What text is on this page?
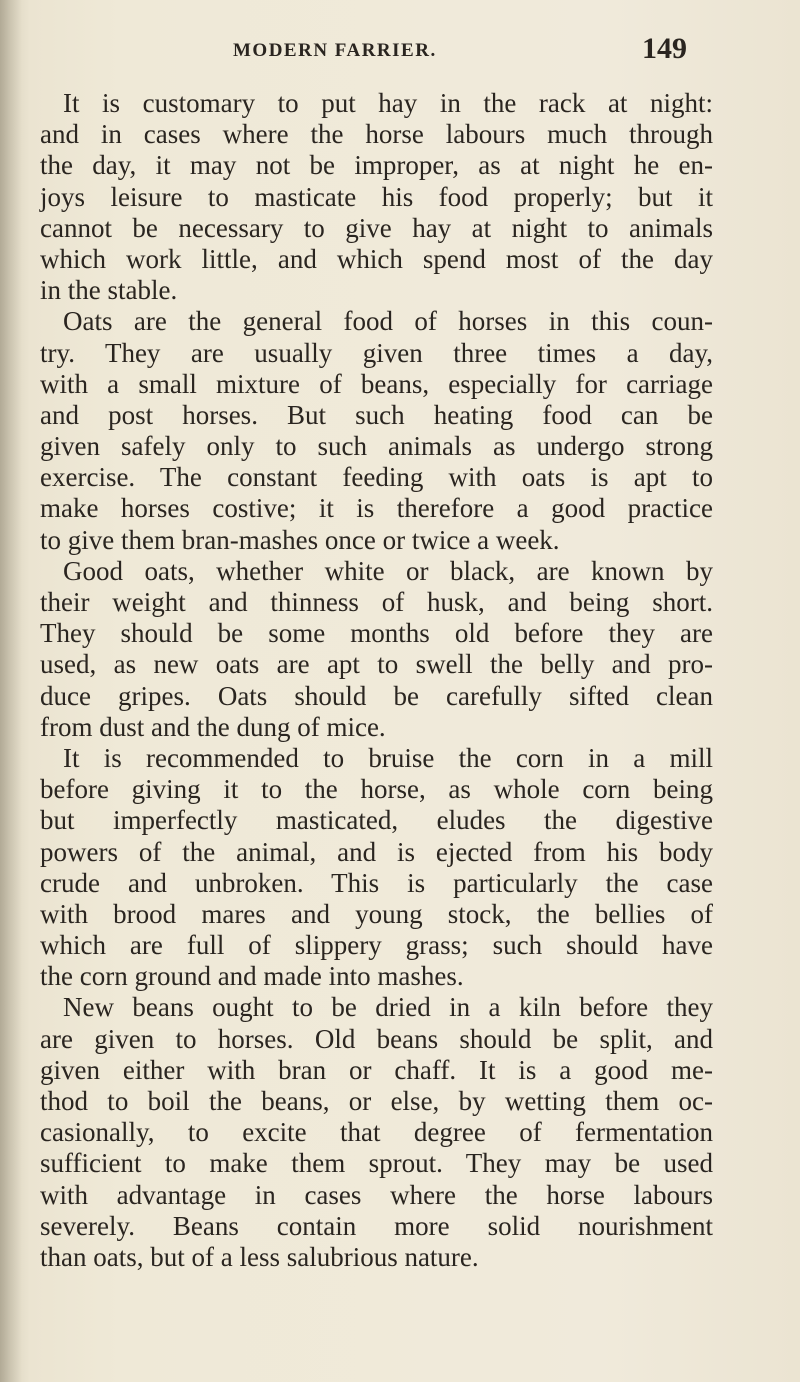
MODERN FARRIER.	149
It is customary to put hay in the rack at night:
and in cases where the horse labours much through
the day, it may not be improper, as at night he en-
joys leisure to masticate his food properly; but it
cannot be necessary to give hay at night to animals
which work little, and which spend most of the day
in the stable.
Oats are the general food of horses in this coun-
try. They are usually given three times a day,
with a small mixture of beans, especially for carriage
and post horses. But such heating food can be
given safely only to such animals as undergo strong
exercise. The constant feeding with oats is apt to
make horses costive; it is therefore a good practice
to give them bran-mashes once or twice a week.
Good oats, whether white or black, are known by
their weight and thinness of husk, and being short.
They should be some months old before they are
used, as new oats are apt to swell the belly and pro-
duce gripes. Oats should be carefully sifted clean
from dust and the dung of mice.
It is recommended to bruise the corn in a mill
before giving it to the horse, as whole corn being
but imperfectly masticated, eludes the digestive
powers of the animal, and is ejected from his body
crude and unbroken. This is particularly the case
with brood mares and young stock, the bellies of
which are full of slippery grass; such should have
the corn ground and made into mashes.
New beans ought to be dried in a kiln before they
are given to horses. Old beans should be split, and
given either with bran or chaff. It is a good me-
thod to boil the beans, or else, by wetting them oc-
casionally, to excite that degree of fermentation
sufficient to make them sprout. They may be used
with advantage in cases where the horse labours
severely. Beans contain more solid nourishment
than oats, but of a less salubrious nature.
